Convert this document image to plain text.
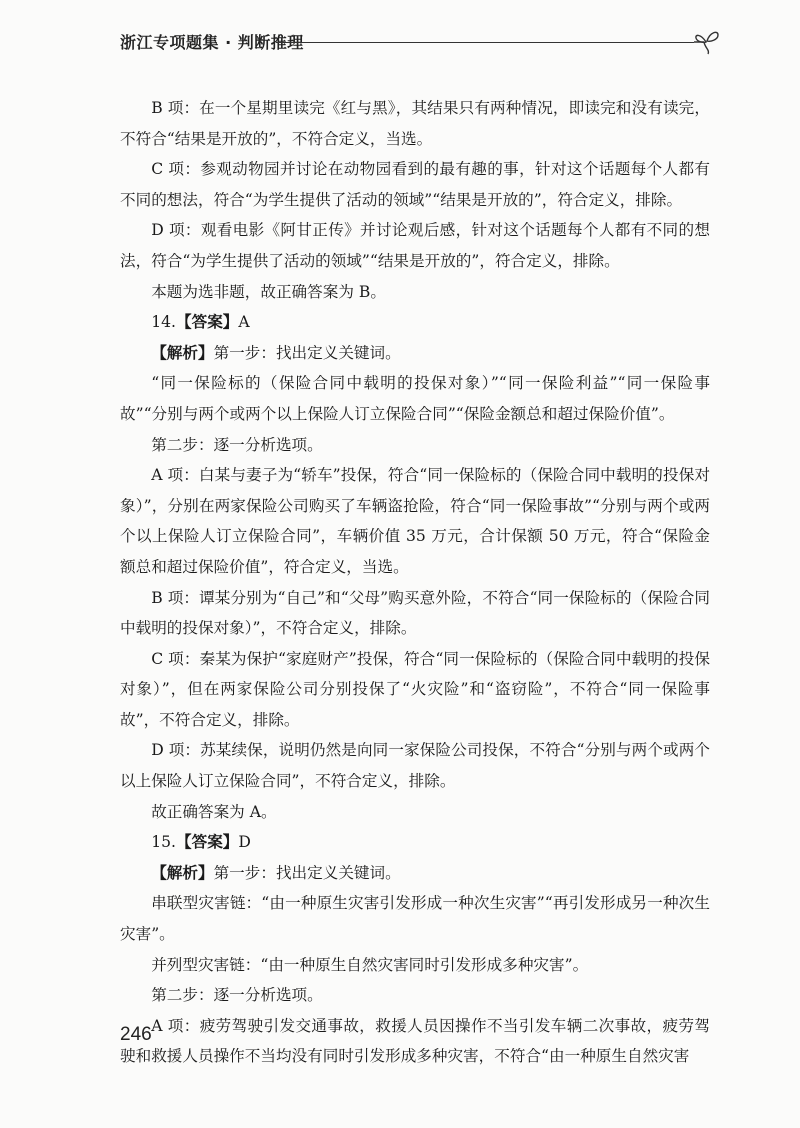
浙江专项题集 · 判断推理

B 项：在一个星期里读完《红与黑》，其结果只有两种情况，即读完和没有读完，不符合“结果是开放的”，不符合定义，当选。

C 项：参观动物园并讨论在动物园看到的最有趣的事，针对这个话题每个人都有不同的想法，符合“为学生提供了活动的领域”“结果是开放的”，符合定义，排除。

D 项：观看电影《阿甘正传》并讨论观后感，针对这个话题每个人都有不同的想法，符合“为学生提供了活动的领域”“结果是开放的”，符合定义，排除。

本题为选非题，故正确答案为 B。

14.【答案】A

【解析】第一步：找出定义关键词。

“同一保险标的（保险合同中载明的投保对象）”“同一保险利益”“同一保险事故”“分别与两个或两个以上保险人订立保险合同”“保险金额总和超过保险价值”。

第二步：逐一分析选项。

A 项：白某与妻子为“轿车”投保，符合“同一保险标的（保险合同中载明的投保对象）”，分别在两家保险公司购买了车辆盗抢险，符合“同一保险事故”“分别与两个或两个以上保险人订立保险合同”，车辆价值 35 万元，合计保额 50 万元，符合“保险金额总和超过保险价值”，符合定义，当选。

B 项：谭某分别为“自己”和“父母”购买意外险，不符合“同一保险标的（保险合同中载明的投保对象）”，不符合定义，排除。

C 项：秦某为保护“家庭财产”投保，符合“同一保险标的（保险合同中载明的投保对象）”，但在两家保险公司分别投保了“火灾险”和“盗窃险”，不符合“同一保险事故”，不符合定义，排除。

D 项：苏某续保，说明仍然是向同一家保险公司投保，不符合“分别与两个或两个以上保险人订立保险合同”，不符合定义，排除。

故正确答案为 A。

15.【答案】D

【解析】第一步：找出定义关键词。

串联型灾害链：“由一种原生灾害引发形成一种次生灾害”“再引发形成另一种次生灾害”。

并列型灾害链：“由一种原生自然灾害同时引发形成多种灾害”。

第二步：逐一分析选项。

A 项：疲劳驾驶引发交通事故，救援人员因操作不当引发车辆二次事故，疲劳驾驶和救援人员操作不当均没有同时引发形成多种灾害，不符合“由一种原生自然灾害

246
